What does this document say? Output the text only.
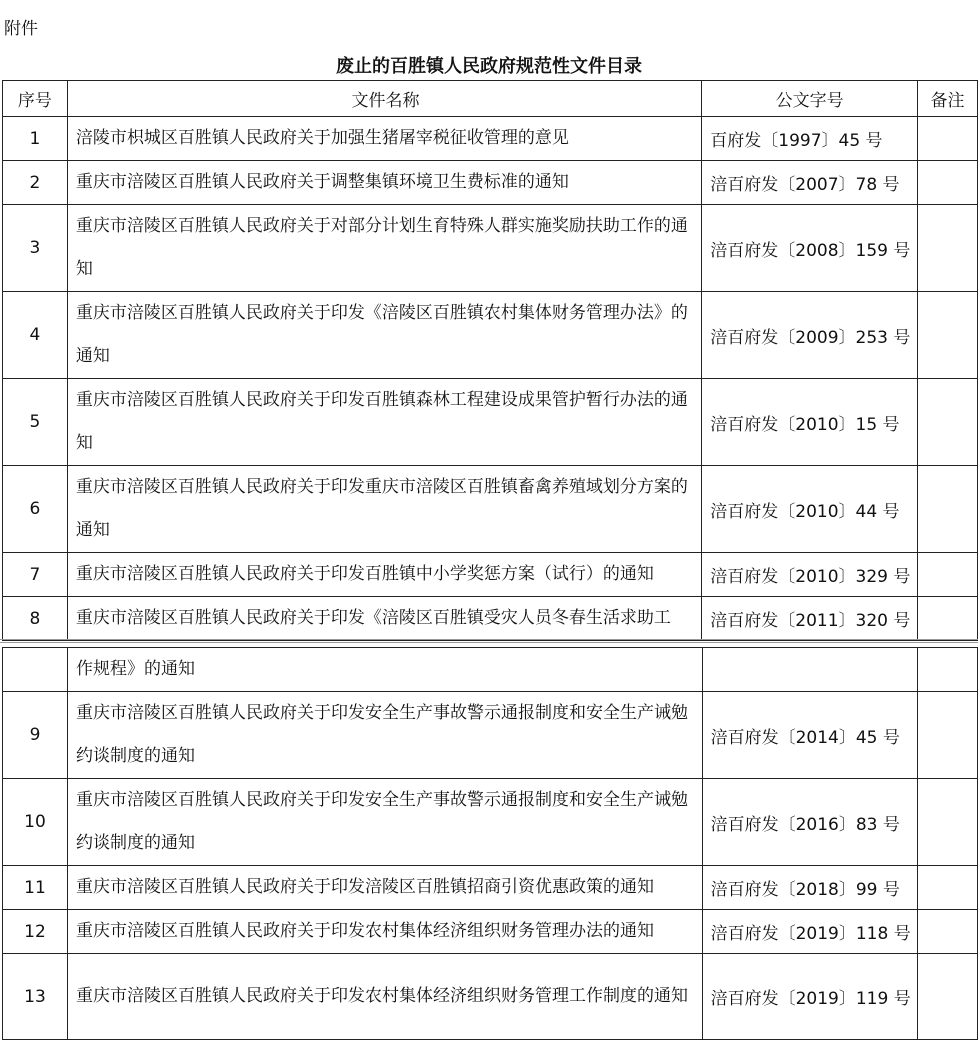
附件
废止的百胜镇人民政府规范性文件目录
序号	文件名称	公文字号	备注
1	涪陵市枳城区百胜镇人民政府关于加强生猪屠宰税征收管理的意见	百府发〔1997〕45 号	
2	重庆市涪陵区百胜镇人民政府关于调整集镇环境卫生费标准的通知	涪百府发〔2007〕78 号	
3	重庆市涪陵区百胜镇人民政府关于对部分计划生育特殊人群实施奖励扶助工作的通知	涪百府发〔2008〕159 号	
4	重庆市涪陵区百胜镇人民政府关于印发《涪陵区百胜镇农村集体财务管理办法》的通知	涪百府发〔2009〕253 号	
5	重庆市涪陵区百胜镇人民政府关于印发百胜镇森林工程建设成果管护暂行办法的通知	涪百府发〔2010〕15 号	
6	重庆市涪陵区百胜镇人民政府关于印发重庆市涪陵区百胜镇畜禽养殖域划分方案的通知	涪百府发〔2010〕44 号	
7	重庆市涪陵区百胜镇人民政府关于印发百胜镇中小学奖惩方案（试行）的通知	涪百府发〔2010〕329 号	
8	重庆市涪陵区百胜镇人民政府关于印发《涪陵区百胜镇受灾人员冬春生活求助工	涪百府发〔2011〕320 号	
	作规程》的通知		
9	重庆市涪陵区百胜镇人民政府关于印发安全生产事故警示通报制度和安全生产诫勉约谈制度的通知	涪百府发〔2014〕45 号	
10	重庆市涪陵区百胜镇人民政府关于印发安全生产事故警示通报制度和安全生产诫勉约谈制度的通知	涪百府发〔2016〕83 号	
11	重庆市涪陵区百胜镇人民政府关于印发涪陵区百胜镇招商引资优惠政策的通知	涪百府发〔2018〕99 号	
12	重庆市涪陵区百胜镇人民政府关于印发农村集体经济组织财务管理办法的通知	涪百府发〔2019〕118 号	
13	重庆市涪陵区百胜镇人民政府关于印发农村集体经济组织财务管理工作制度的通知	涪百府发〔2019〕119 号	
